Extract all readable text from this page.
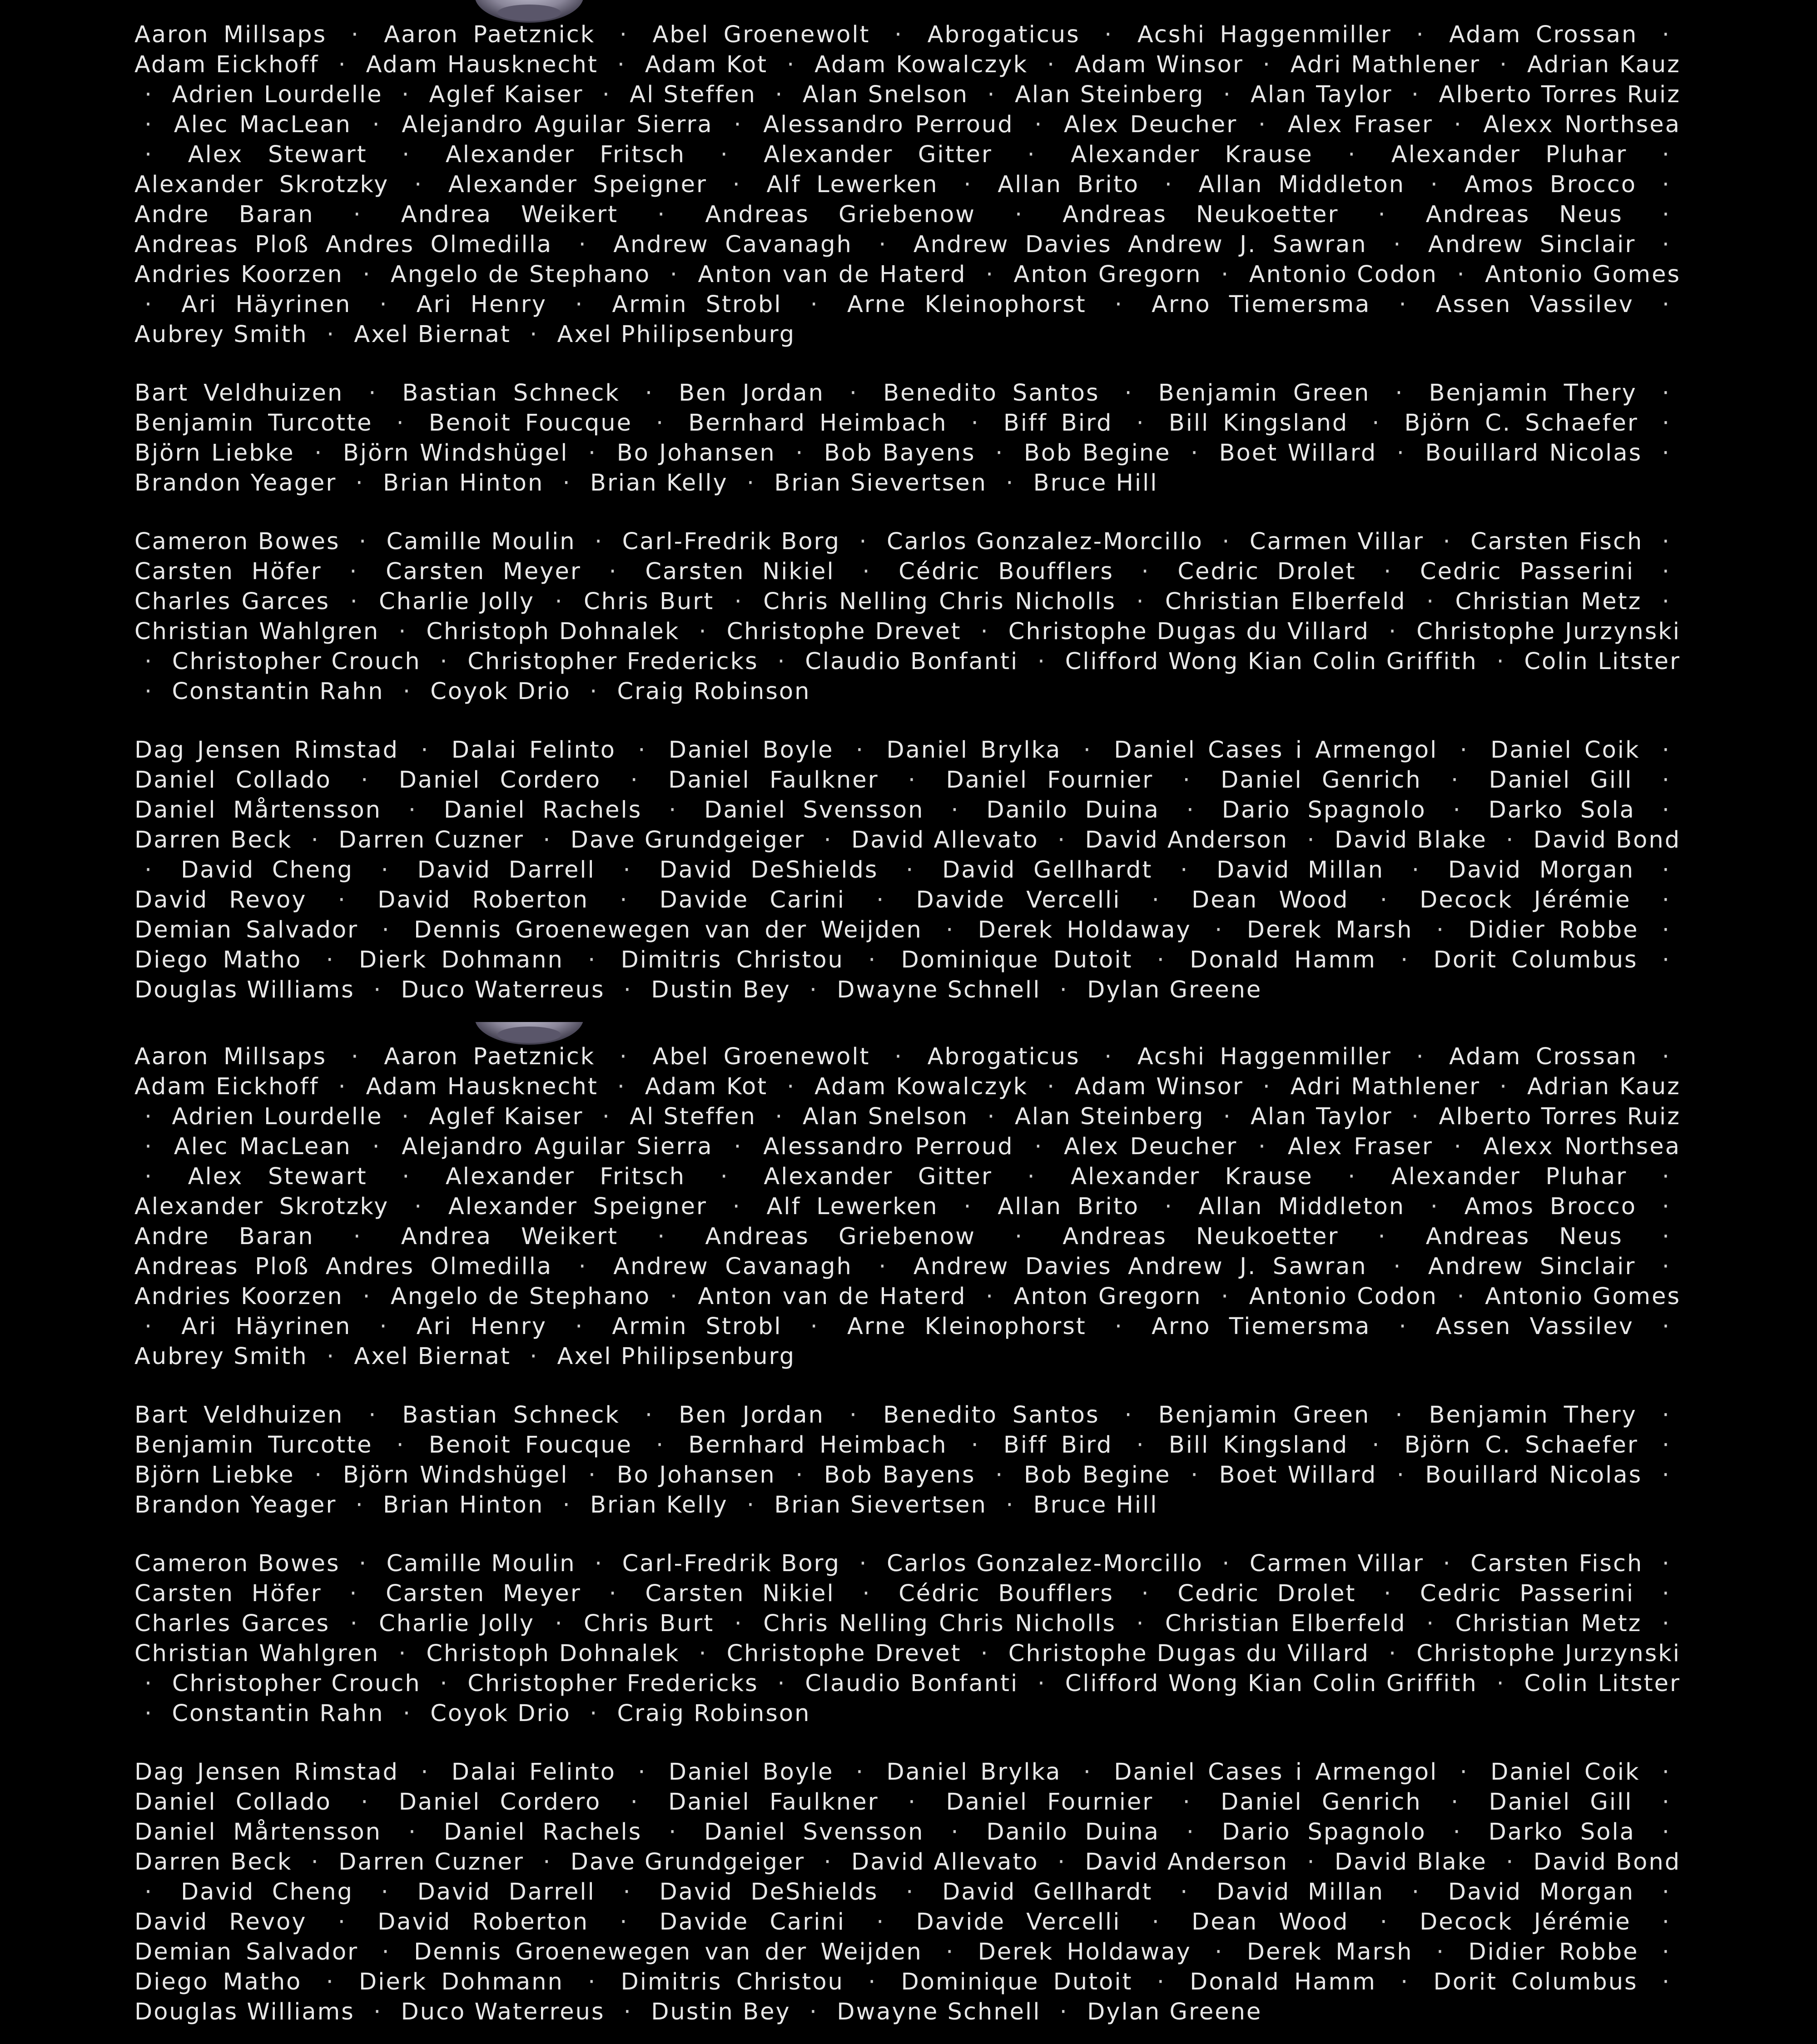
Aaron Millsaps · Aaron Paetznick · Abel Groenewolt · Abrogaticus · Acshi Haggenmiller · Adam Crossan · Adam Eickhoff · Adam Hausknecht · Adam Kot · Adam Kowalczyk · Adam Winsor · Adri Mathlener · Adrian Kauz · Adrien Lourdelle · Aglef Kaiser · Al Steffen · Alan Snelson · Alan Steinberg · Alan Taylor · Alberto Torres Ruiz · Alec MacLean · Alejandro Aguilar Sierra · Alessandro Perroud · Alex Deucher · Alex Fraser · Alexx Northsea · Alex Stewart · Alexander Fritsch · Alexander Gitter · Alexander Krause · Alexander Pluhar · Alexander Skrotzky · Alexander Speigner · Alf Lewerken · Allan Brito · Allan Middleton · Amos Brocco · Andre Baran · Andrea Weikert · Andreas Griebenow · Andreas Neukoetter · Andreas Neus · Andreas Ploß Andres Olmedilla · Andrew Cavanagh · Andrew Davies Andrew J. Sawran · Andrew Sinclair · Andries Koorzen · Angelo de Stephano · Anton van de Haterd · Anton Gregorn · Antonio Codon · Antonio Gomes · Ari Häyrinen · Ari Henry · Armin Strobl · Arne Kleinophorst · Arno Tiemersma · Assen Vassilev · Aubrey Smith · Axel Biernat · Axel Philipsenburg

Bart Veldhuizen · Bastian Schneck · Ben Jordan · Benedito Santos · Benjamin Green · Benjamin Thery · Benjamin Turcotte · Benoit Foucque · Bernhard Heimbach · Biff Bird · Bill Kingsland · Björn C. Schaefer · Björn Liebke · Björn Windshügel · Bo Johansen · Bob Bayens · Bob Begine · Boet Willard · Bouillard Nicolas · Brandon Yeager · Brian Hinton · Brian Kelly · Brian Sievertsen · Bruce Hill

Cameron Bowes · Camille Moulin · Carl-Fredrik Borg · Carlos Gonzalez-Morcillo · Carmen Villar · Carsten Fisch · Carsten Höfer · Carsten Meyer · Carsten Nikiel · Cédric Boufflers · Cedric Drolet · Cedric Passerini · Charles Garces · Charlie Jolly · Chris Burt · Chris Nelling Chris Nicholls · Christian Elberfeld · Christian Metz · Christian Wahlgren · Christoph Dohnalek · Christophe Drevet · Christophe Dugas du Villard · Christophe Jurzynski · Christopher Crouch · Christopher Fredericks · Claudio Bonfanti · Clifford Wong Kian Colin Griffith · Colin Litster · Constantin Rahn · Coyok Drio · Craig Robinson

Dag Jensen Rimstad · Dalai Felinto · Daniel Boyle · Daniel Brylka · Daniel Cases i Armengol · Daniel Coik · Daniel Collado · Daniel Cordero · Daniel Faulkner · Daniel Fournier · Daniel Genrich · Daniel Gill · Daniel Mårtensson · Daniel Rachels · Daniel Svensson · Danilo Duina · Dario Spagnolo · Darko Sola · Darren Beck · Darren Cuzner · Dave Grundgeiger · David Allevato · David Anderson · David Blake · David Bond · David Cheng · David Darrell · David DeShields · David Gellhardt · David Millan · David Morgan · David Revoy · David Roberton · Davide Carini · Davide Vercelli · Dean Wood · Decock Jérémie · Demian Salvador · Dennis Groenewegen van der Weijden · Derek Holdaway · Derek Marsh · Didier Robbe · Diego Matho · Dierk Dohmann · Dimitris Christou · Dominique Dutoit · Donald Hamm · Dorit Columbus · Douglas Williams · Duco Waterreus · Dustin Bey · Dwayne Schnell · Dylan Greene

Aaron Millsaps · Aaron Paetznick · Abel Groenewolt · Abrogaticus · Acshi Haggenmiller · Adam Crossan · Adam Eickhoff · Adam Hausknecht · Adam Kot · Adam Kowalczyk · Adam Winsor · Adri Mathlener · Adrian Kauz · Adrien Lourdelle · Aglef Kaiser · Al Steffen · Alan Snelson · Alan Steinberg · Alan Taylor · Alberto Torres Ruiz · Alec MacLean · Alejandro Aguilar Sierra · Alessandro Perroud · Alex Deucher · Alex Fraser · Alexx Northsea · Alex Stewart · Alexander Fritsch · Alexander Gitter · Alexander Krause · Alexander Pluhar · Alexander Skrotzky · Alexander Speigner · Alf Lewerken · Allan Brito · Allan Middleton · Amos Brocco · Andre Baran · Andrea Weikert · Andreas Griebenow · Andreas Neukoetter · Andreas Neus · Andreas Ploß Andres Olmedilla · Andrew Cavanagh · Andrew Davies Andrew J. Sawran · Andrew Sinclair · Andries Koorzen · Angelo de Stephano · Anton van de Haterd · Anton Gregorn · Antonio Codon · Antonio Gomes · Ari Häyrinen · Ari Henry · Armin Strobl · Arne Kleinophorst · Arno Tiemersma · Assen Vassilev · Aubrey Smith · Axel Biernat · Axel Philipsenburg

Bart Veldhuizen · Bastian Schneck · Ben Jordan · Benedito Santos · Benjamin Green · Benjamin Thery · Benjamin Turcotte · Benoit Foucque · Bernhard Heimbach · Biff Bird · Bill Kingsland · Björn C. Schaefer · Björn Liebke · Björn Windshügel · Bo Johansen · Bob Bayens · Bob Begine · Boet Willard · Bouillard Nicolas · Brandon Yeager · Brian Hinton · Brian Kelly · Brian Sievertsen · Bruce Hill

Cameron Bowes · Camille Moulin · Carl-Fredrik Borg · Carlos Gonzalez-Morcillo · Carmen Villar · Carsten Fisch · Carsten Höfer · Carsten Meyer · Carsten Nikiel · Cédric Boufflers · Cedric Drolet · Cedric Passerini · Charles Garces · Charlie Jolly · Chris Burt · Chris Nelling Chris Nicholls · Christian Elberfeld · Christian Metz · Christian Wahlgren · Christoph Dohnalek · Christophe Drevet · Christophe Dugas du Villard · Christophe Jurzynski · Christopher Crouch · Christopher Fredericks · Claudio Bonfanti · Clifford Wong Kian Colin Griffith · Colin Litster · Constantin Rahn · Coyok Drio · Craig Robinson

Dag Jensen Rimstad · Dalai Felinto · Daniel Boyle · Daniel Brylka · Daniel Cases i Armengol · Daniel Coik · Daniel Collado · Daniel Cordero · Daniel Faulkner · Daniel Fournier · Daniel Genrich · Daniel Gill · Daniel Mårtensson · Daniel Rachels · Daniel Svensson · Danilo Duina · Dario Spagnolo · Darko Sola · Darren Beck · Darren Cuzner · Dave Grundgeiger · David Allevato · David Anderson · David Blake · David Bond · David Cheng · David Darrell · David DeShields · David Gellhardt · David Millan · David Morgan · David Revoy · David Roberton · Davide Carini · Davide Vercelli · Dean Wood · Decock Jérémie · Demian Salvador · Dennis Groenewegen van der Weijden · Derek Holdaway · Derek Marsh · Didier Robbe · Diego Matho · Dierk Dohmann · Dimitris Christou · Dominique Dutoit · Donald Hamm · Dorit Columbus · Douglas Williams · Duco Waterreus · Dustin Bey · Dwayne Schnell · Dylan Greene
